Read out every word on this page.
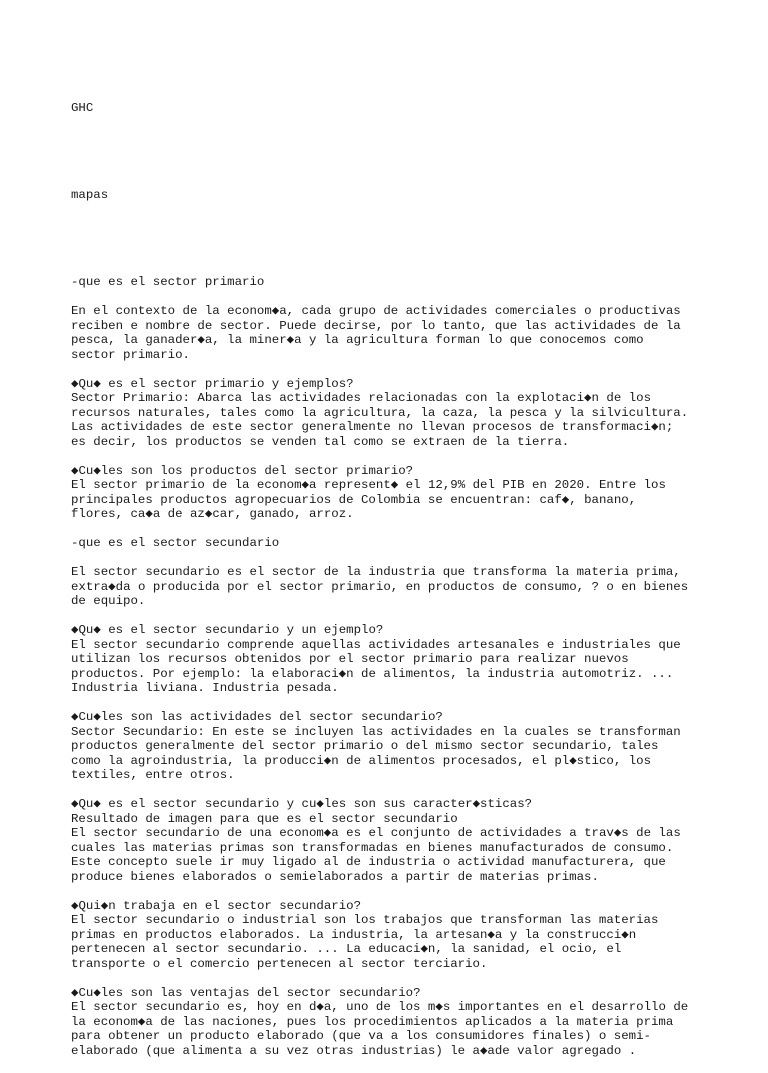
GHC

mapas

-que es el sector primario
En el contexto de la econom◆a, cada grupo de actividades comerciales o productivas
reciben e nombre de sector. Puede decirse, por lo tanto, que las actividades de la
pesca, la ganader◆a, la miner◆a y la agricultura forman lo que conocemos como
sector primario.
◆Qu◆ es el sector primario y ejemplos?
Sector Primario: Abarca las actividades relacionadas con la explotaci◆n de los
recursos naturales, tales como la agricultura, la caza, la pesca y la silvicultura.
Las actividades de este sector generalmente no llevan procesos de transformaci◆n;
es decir, los productos se venden tal como se extraen de la tierra.
◆Cu◆les son los productos del sector primario?
El sector primario de la econom◆a represent◆ el 12,9% del PIB en 2020. Entre los
principales productos agropecuarios de Colombia se encuentran: caf◆, banano,
flores, ca◆a de az◆car, ganado, arroz.
-que es el sector secundario
El sector secundario es el sector de la industria que transforma la materia prima,
extra◆da o producida por el sector primario, en productos de consumo, ? o en bienes
de equipo.
◆Qu◆ es el sector secundario y un ejemplo?
El sector secundario comprende aquellas actividades artesanales e industriales que
utilizan los recursos obtenidos por el sector primario para realizar nuevos
productos. Por ejemplo: la elaboraci◆n de alimentos, la industria automotriz. ...
Industria liviana. Industria pesada.
◆Cu◆les son las actividades del sector secundario?
Sector Secundario: En este se incluyen las actividades en la cuales se transforman
productos generalmente del sector primario o del mismo sector secundario, tales
como la agroindustria, la producci◆n de alimentos procesados, el pl◆stico, los
textiles, entre otros.
◆Qu◆ es el sector secundario y cu◆les son sus caracter◆sticas?
Resultado de imagen para que es el sector secundario
El sector secundario de una econom◆a es el conjunto de actividades a trav◆s de las
cuales las materias primas son transformadas en bienes manufacturados de consumo.
Este concepto suele ir muy ligado al de industria o actividad manufacturera, que
produce bienes elaborados o semielaborados a partir de materias primas.
◆Qui◆n trabaja en el sector secundario?
El sector secundario o industrial son los trabajos que transforman las materias
primas en productos elaborados. La industria, la artesan◆a y la construcci◆n
pertenecen al sector secundario. ... La educaci◆n, la sanidad, el ocio, el
transporte o el comercio pertenecen al sector terciario.
◆Cu◆les son las ventajas del sector secundario?
El sector secundario es, hoy en d◆a, uno de los m◆s importantes en el desarrollo de
la econom◆a de las naciones, pues los procedimientos aplicados a la materia prima
para obtener un producto elaborado (que va a los consumidores finales) o semi-
elaborado (que alimenta a su vez otras industrias) le a◆ade valor agregado .
